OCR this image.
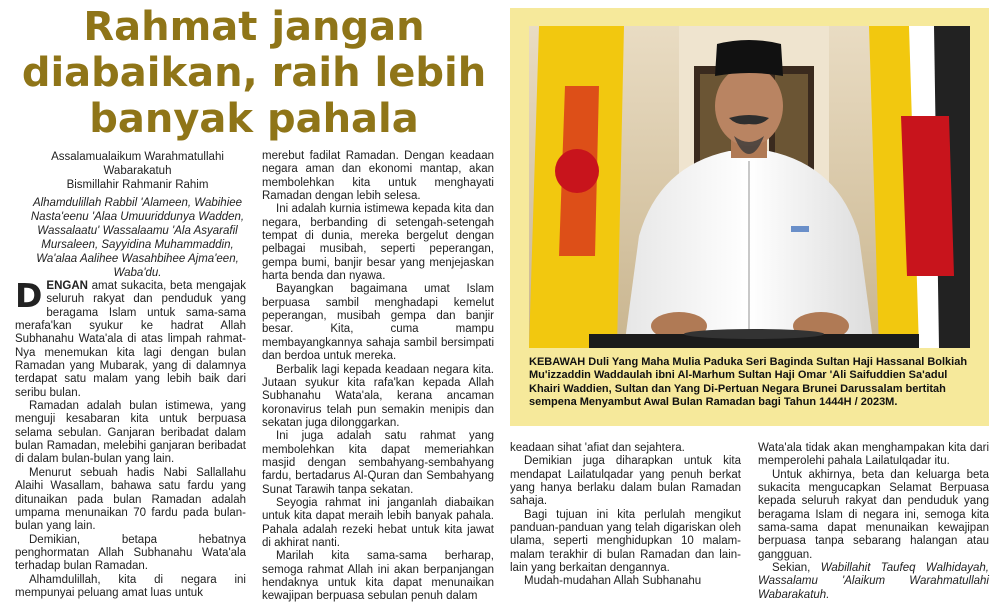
Rahmat jangan
diabaikan, raih lebih
banyak pahala
Assalamualaikum Warahmatullahi
Wabarakatuh
Bismillahir Rahmanir Rahim
Alhamdulillah Rabbil 'Alameen, Wabihiee
Nasta'eenu 'Alaa Umuuriddunya Wadden,
Wassalaatu' Wassalaamu 'Ala Asyarafil
Mursaleen, Sayyidina Muhammaddin,
Wa'alaa Aalihee Wasahbihee Ajma'een,
Waba'du.

DENGAN amat sukacita, beta mengajak seluruh rakyat dan penduduk yang beragama Islam untuk sama-sama merafa'kan syukur ke hadrat Allah Subhanahu Wata'ala di atas limpah rahmat-Nya menemukan kita lagi dengan bulan Ramadan yang Mubarak, yang di dalamnya terdapat satu malam yang lebih baik dari seribu bulan.

Ramadan adalah bulan istimewa, yang menguji kesabaran kita untuk berpuasa selama sebulan. Ganjaran beribadat dalam bulan Ramadan, melebihi ganjaran beribadat di dalam bulan-bulan yang lain.

Menurut sebuah hadis Nabi Sallallahu Alaihi Wasallam, bahawa satu fardu yang ditunaikan pada bulan Ramadan adalah umpama menunaikan 70 fardu pada bulan-bulan yang lain.

Demikian, betapa hebatnya penghormatan Allah Subhanahu Wata'ala terhadap bulan Ramadan.

Alhamdulillah, kita di negara ini mempunyai peluang amat luas untuk

merebut fadilat Ramadan. Dengan keadaan negara aman dan ekonomi mantap, akan membolehkan kita untuk menghayati Ramadan dengan lebih selesa.

Ini adalah kurnia istimewa kepada kita dan negara, berbanding di setengah-setengah tempat di dunia, mereka bergelut dengan pelbagai musibah, seperti peperangan, gempa bumi, banjir besar yang menjejaskan harta benda dan nyawa.

Bayangkan bagaimana umat Islam berpuasa sambil menghadapi kemelut peperangan, musibah gempa dan banjir besar. Kita, cuma mampu membayangkannya sahaja sambil bersimpati dan berdoa untuk mereka.

Berbalik lagi kepada keadaan negara kita. Jutaan syukur kita rafa'kan kepada Allah Subhanahu Wata'ala, kerana ancaman koronavirus telah pun semakin menipis dan sekatan juga dilonggarkan.

Ini juga adalah satu rahmat yang membolehkan kita dapat memeriahkan masjid dengan sembahyang-sembahyang fardu, bertadarus Al-Quran dan Sembahyang Sunat Tarawih tanpa sekatan.

Seyogia rahmat ini janganlah diabaikan untuk kita dapat meraih lebih banyak pahala. Pahala adalah rezeki hebat untuk kita jawat di akhirat nanti.

Marilah kita sama-sama berharap, semoga rahmat Allah ini akan berpanjangan hendaknya untuk kita dapat menunaikan kewajipan berpuasa sebulan penuh dalam

KEBAWAH Duli Yang Maha Mulia Paduka Seri Baginda Sultan Haji Hassanal Bolkiah Mu'izzaddin Waddaulah ibni Al-Marhum Sultan Haji Omar 'Ali Saifuddien Sa'adul Khairi Waddien, Sultan dan Yang Di-Pertuan Negara Brunei Darussalam bertitah sempena Menyambut Awal Bulan Ramadan bagi Tahun 1444H / 2023M.

keadaan sihat 'afiat dan sejahtera.

Demikian juga diharapkan untuk kita mendapat Lailatulqadar yang penuh berkat yang hanya berlaku dalam bulan Ramadan sahaja.

Bagi tujuan ini kita perlulah mengikut panduan-panduan yang telah digariskan oleh ulama, seperti menghidupkan 10 malam-malam terakhir di bulan Ramadan dan lain-lain yang berkaitan dengannya.

Mudah-mudahan Allah Subhanahu

Wata'ala tidak akan menghampakan kita dari memperolehi pahala Lailatulqadar itu.

Untuk akhirnya, beta dan keluarga beta sukacita mengucapkan Selamat Berpuasa kepada seluruh rakyat dan penduduk yang beragama Islam di negara ini, semoga kita sama-sama dapat menunaikan kewajipan berpuasa tanpa sebarang halangan atau gangguan.

Sekian, Wabillahit Taufeq Walhidayah, Wassalamu 'Alaikum Warahmatullahi Wabarakatuh.
